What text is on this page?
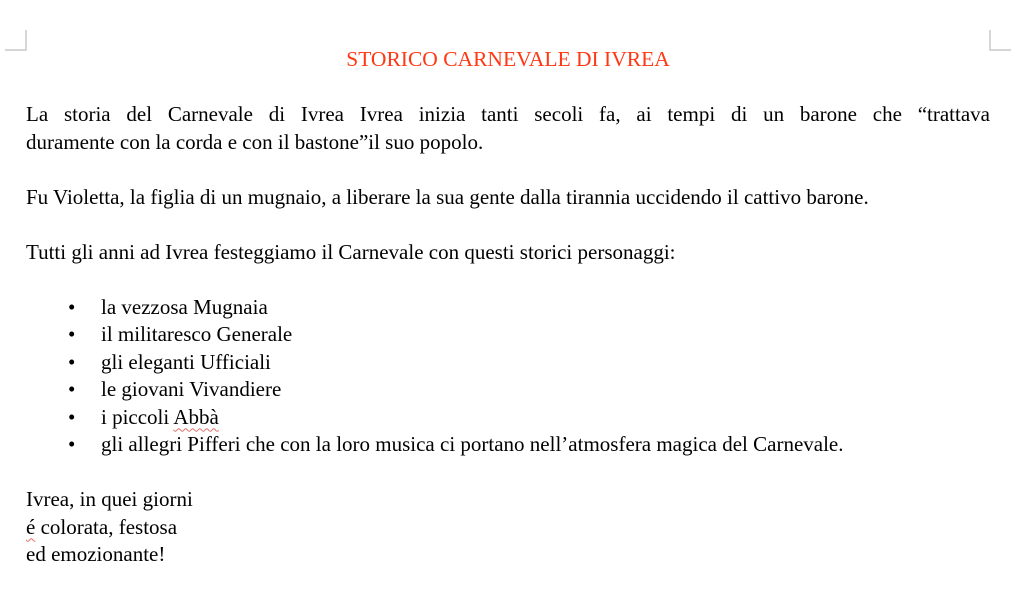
STORICO CARNEVALE DI IVREA

La storia del Carnevale di Ivrea Ivrea inizia tanti secoli fa, ai tempi di un barone che “trattava

duramente con la corda e con il bastone”il suo popolo.

Fu Violetta, la figlia di un mugnaio, a liberare la sua gente dalla tirannia uccidendo il cattivo barone.

Tutti gli anni ad Ivrea festeggiamo il Carnevale con questi storici personaggi:

•	la vezzosa Mugnaia
•	il militaresco Generale
•	gli eleganti Ufficiali
•	le giovani Vivandiere
•	i piccoli Abbà
•	gli allegri Pifferi che con la loro musica ci portano nell’atmosfera magica del Carnevale.

Ivrea, in quei giorni

é colorata, festosa

ed emozionante!
